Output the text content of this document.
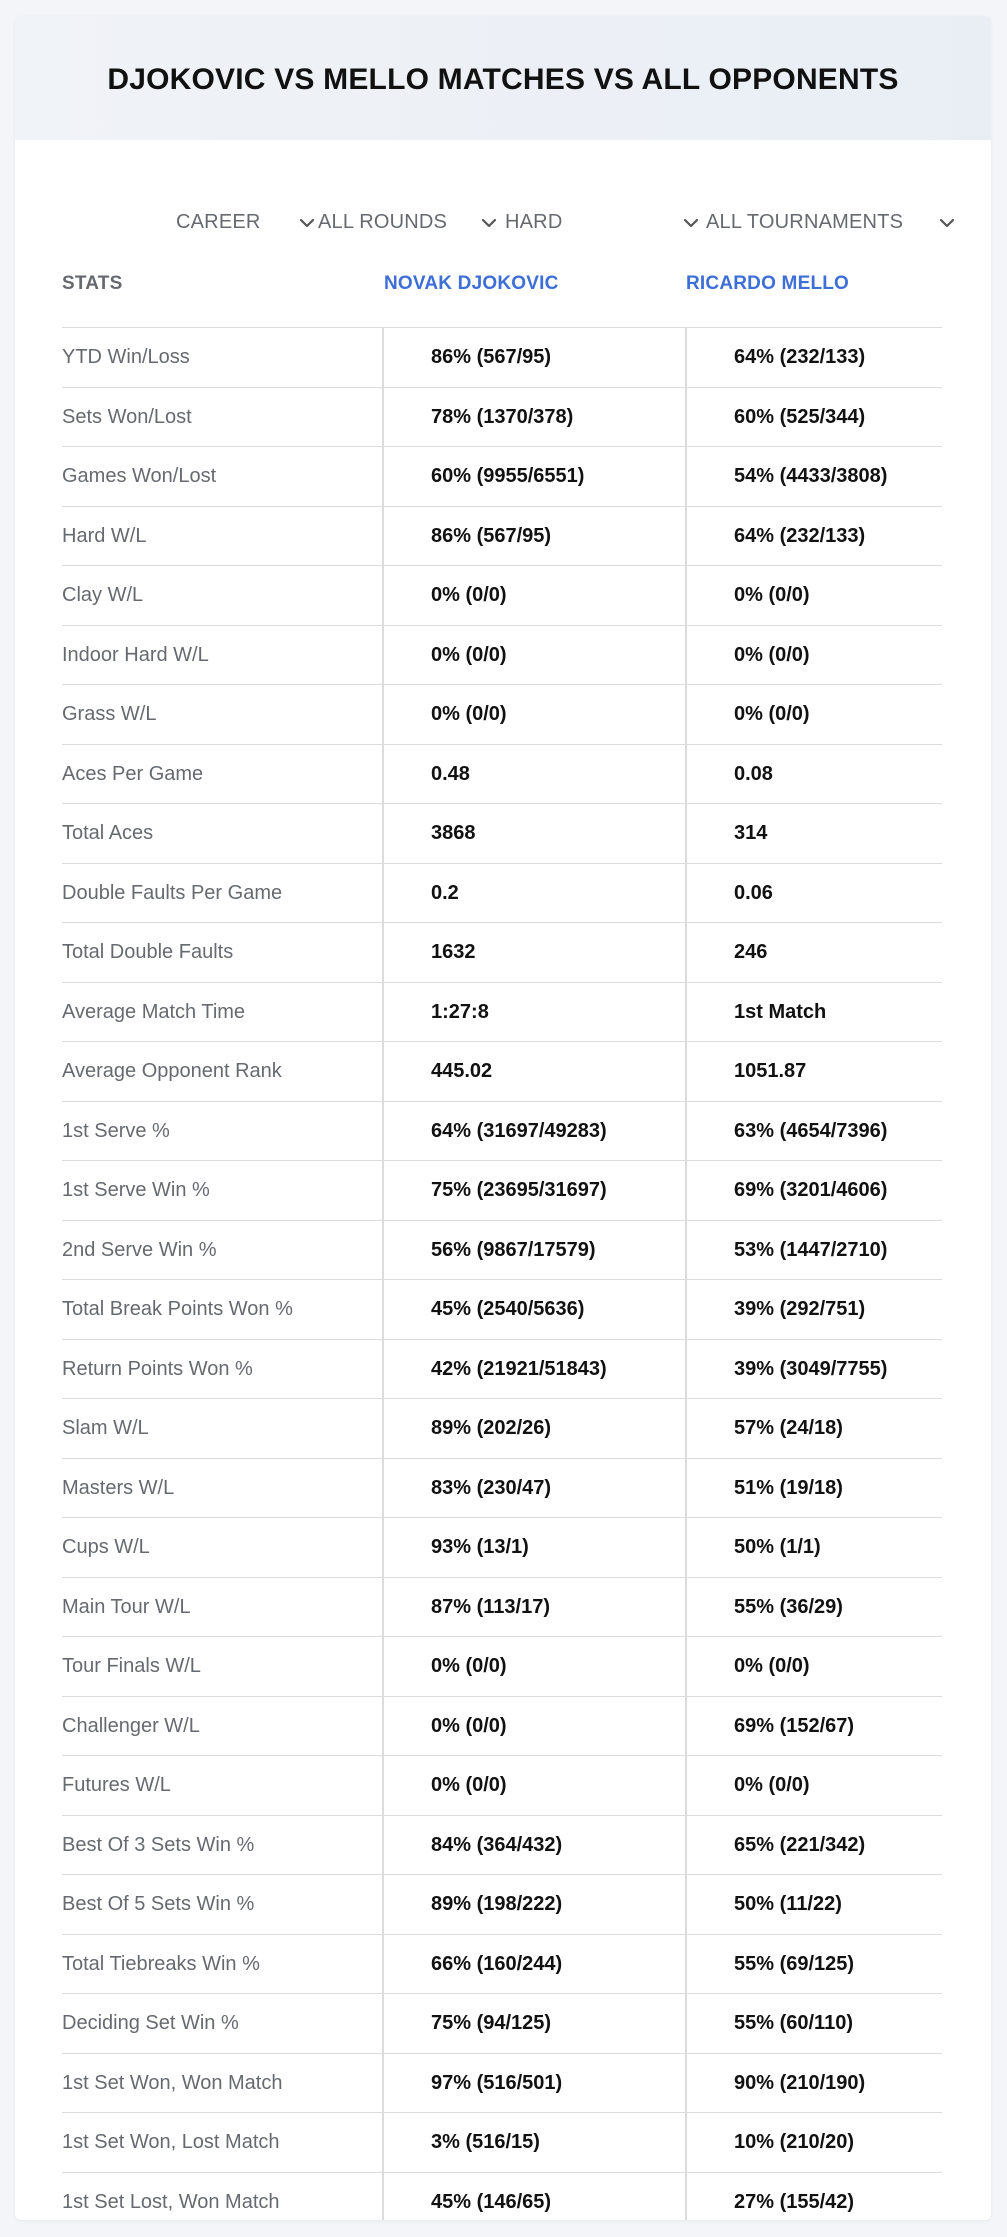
DJOKOVIC VS MELLO MATCHES VS ALL OPPONENTS
CAREER	ALL ROUNDS	HARD	ALL TOURNAMENTS
STATS	NOVAK DJOKOVIC	RICARDO MELLO
YTD Win/Loss	86% (567/95)	64% (232/133)
Sets Won/Lost	78% (1370/378)	60% (525/344)
Games Won/Lost	60% (9955/6551)	54% (4433/3808)
Hard W/L	86% (567/95)	64% (232/133)
Clay W/L	0% (0/0)	0% (0/0)
Indoor Hard W/L	0% (0/0)	0% (0/0)
Grass W/L	0% (0/0)	0% (0/0)
Aces Per Game	0.48	0.08
Total Aces	3868	314
Double Faults Per Game	0.2	0.06
Total Double Faults	1632	246
Average Match Time	1:27:8	1st Match
Average Opponent Rank	445.02	1051.87
1st Serve %	64% (31697/49283)	63% (4654/7396)
1st Serve Win %	75% (23695/31697)	69% (3201/4606)
2nd Serve Win %	56% (9867/17579)	53% (1447/2710)
Total Break Points Won %	45% (2540/5636)	39% (292/751)
Return Points Won %	42% (21921/51843)	39% (3049/7755)
Slam W/L	89% (202/26)	57% (24/18)
Masters W/L	83% (230/47)	51% (19/18)
Cups W/L	93% (13/1)	50% (1/1)
Main Tour W/L	87% (113/17)	55% (36/29)
Tour Finals W/L	0% (0/0)	0% (0/0)
Challenger W/L	0% (0/0)	69% (152/67)
Futures W/L	0% (0/0)	0% (0/0)
Best Of 3 Sets Win %	84% (364/432)	65% (221/342)
Best Of 5 Sets Win %	89% (198/222)	50% (11/22)
Total Tiebreaks Win %	66% (160/244)	55% (69/125)
Deciding Set Win %	75% (94/125)	55% (60/110)
1st Set Won, Won Match	97% (516/501)	90% (210/190)
1st Set Won, Lost Match	3% (516/15)	10% (210/20)
1st Set Lost, Won Match	45% (146/65)	27% (155/42)
